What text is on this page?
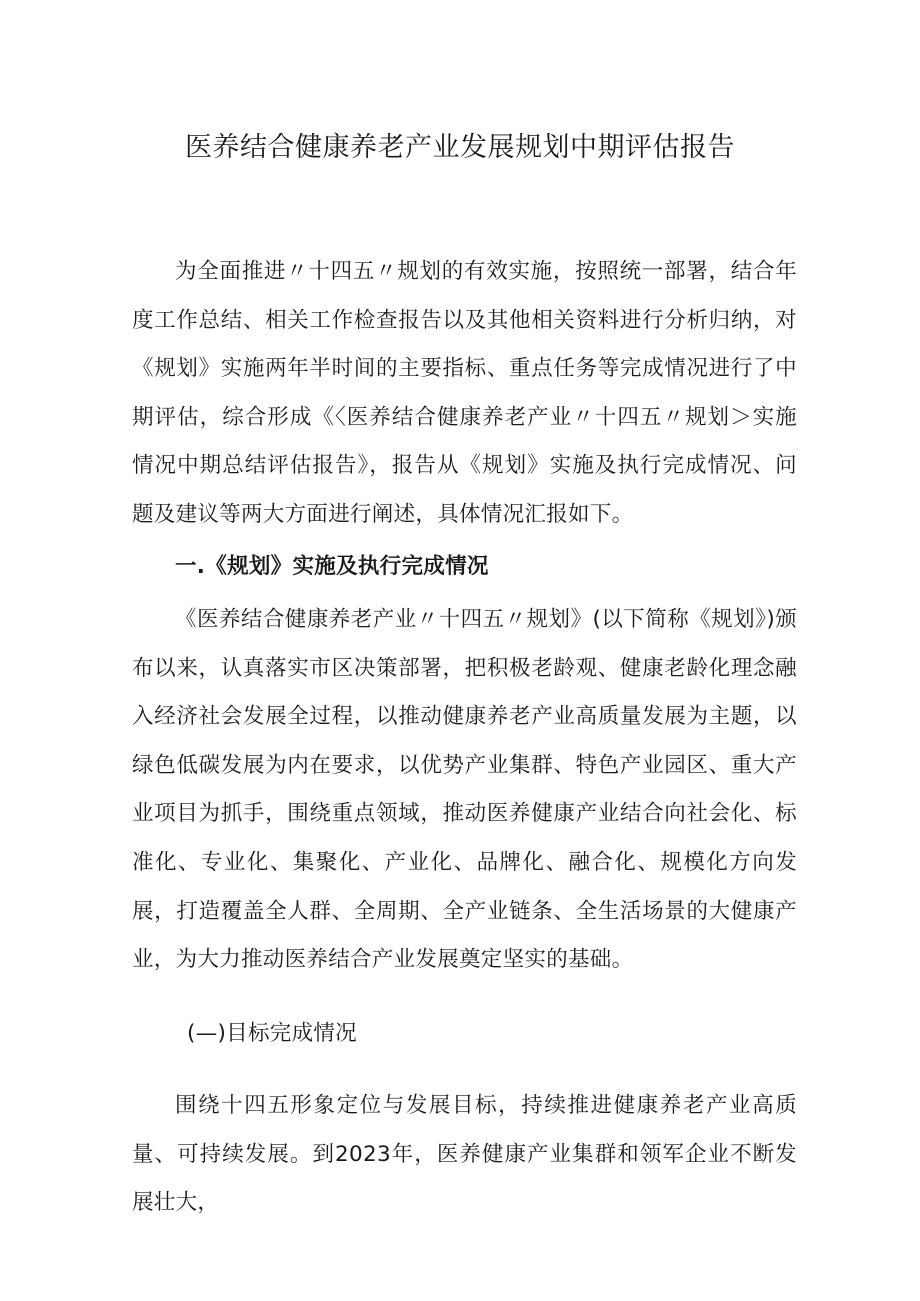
医养结合健康养老产业发展规划中期评估报告

为全面推进〃十四五〃规划的有效实施，按照统一部署，结合年度工作总结、相关工作检查报告以及其他相关资料进行分析归纳，对《规划》实施两年半时间的主要指标、重点任务等完成情况进行了中期评估，综合形成《〈医养结合健康养老产业〃十四五〃规划＞实施情况中期总结评估报告》，报告从《规划》实施及执行完成情况、问题及建议等两大方面进行阐述，具体情况汇报如下。

一.《规划》实施及执行完成情况

《医养结合健康养老产业〃十四五〃规划》(以下简称《规划》)颁布以来，认真落实市区决策部署，把积极老龄观、健康老龄化理念融入经济社会发展全过程，以推动健康养老产业高质量发展为主题，以绿色低碳发展为内在要求，以优势产业集群、特色产业园区、重大产业项目为抓手，围绕重点领域，推动医养健康产业结合向社会化、标准化、专业化、集聚化、产业化、品牌化、融合化、规模化方向发展，打造覆盖全人群、全周期、全产业链条、全生活场景的大健康产业，为大力推动医养结合产业发展奠定坚实的基础。

(—)目标完成情况

围绕十四五形象定位与发展目标，持续推进健康养老产业高质量、可持续发展。到2023年，医养健康产业集群和领军企业不断发展壮大，
